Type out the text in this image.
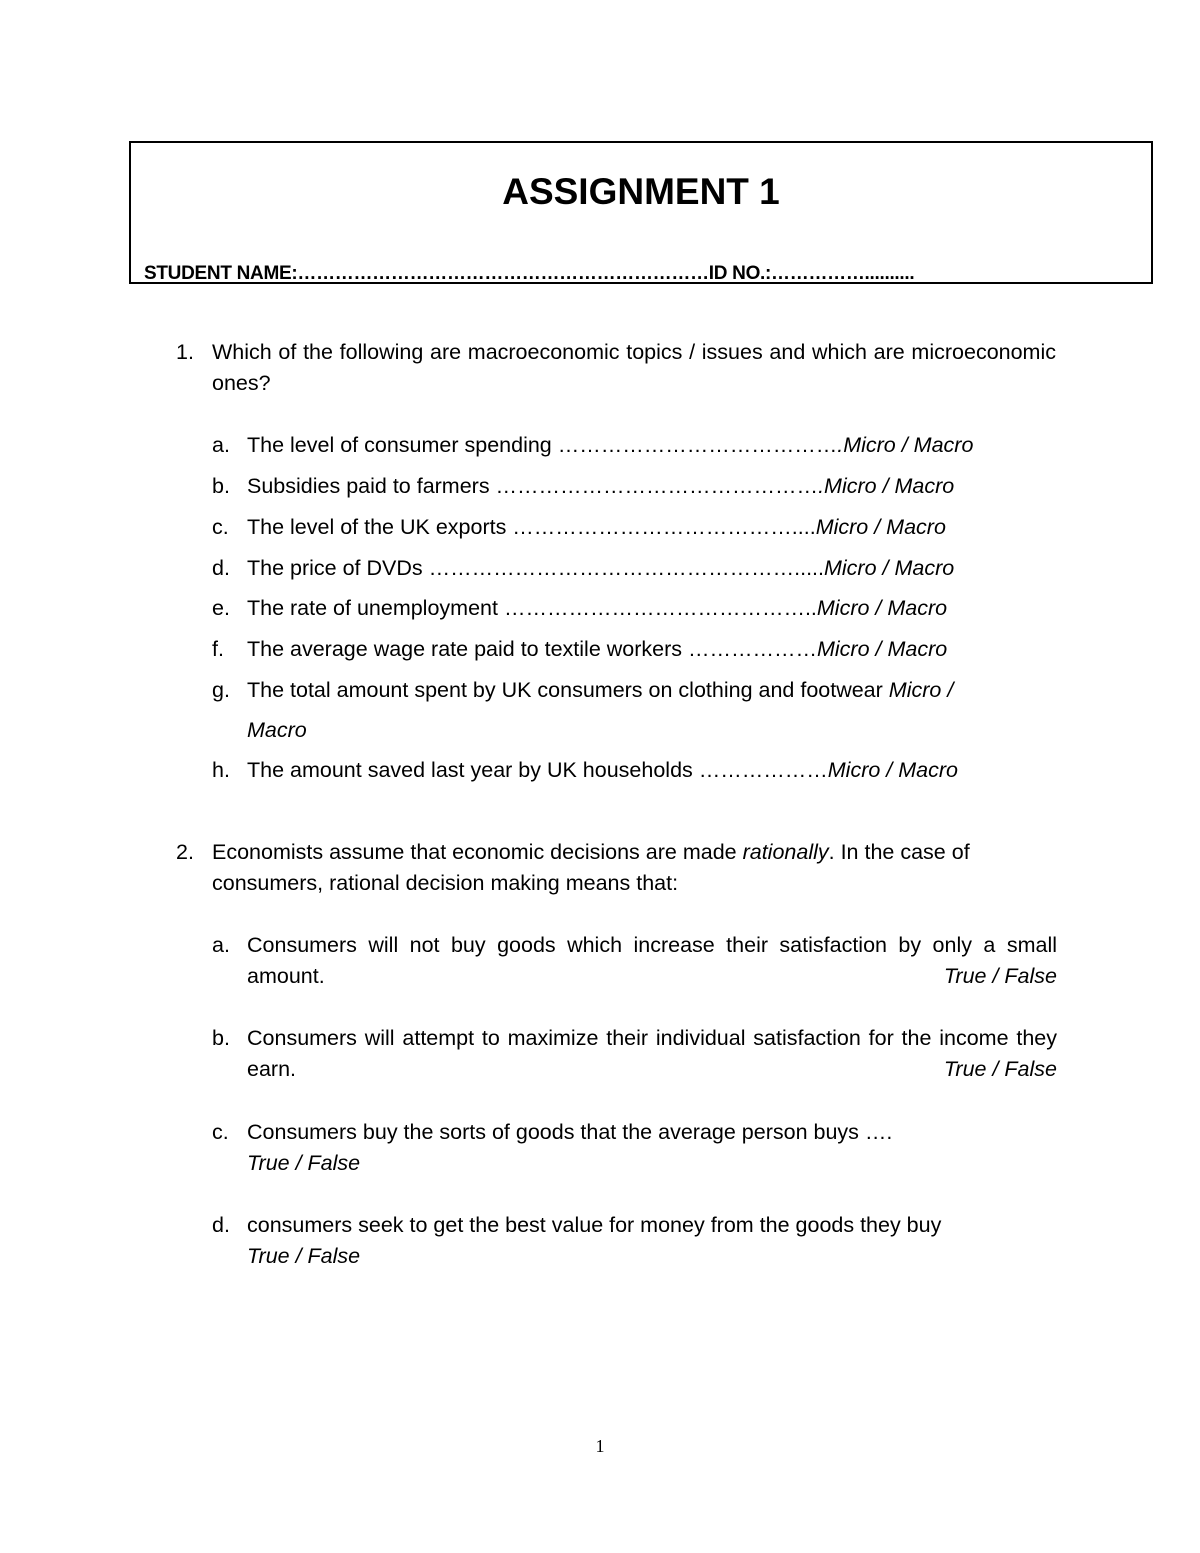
ASSIGNMENT 1
STUDENT NAME:…………………………………………………………ID NO.:……………..........
1. Which of the following are macroeconomic topics / issues and which are microeconomic ones?
a. The level of consumer spending ………………………………….Micro / Macro
b. Subsidies paid to farmers ……………………………………….Micro / Macro
c. The level of the UK exports …………………………………....Micro / Macro
d. The price of DVDs …………………………………………….....Micro / Macro
e. The rate of unemployment ……………………………………..Micro / Macro
f. The average wage rate paid to textile workers ………………Micro / Macro
g. The total amount spent by UK consumers on clothing and footwear Micro /
Macro
h. The amount saved last year by UK households ………………Micro / Macro
2. Economists assume that economic decisions are made rationally. In the case of consumers, rational decision making means that:
a. Consumers will not buy goods which increase their satisfaction by only a small amount.	True / False
b. Consumers will attempt to maximize their individual satisfaction for the income they earn.	True / False
c. Consumers buy the sorts of goods that the average person buys ….
True / False
d. consumers seek to get the best value for money from the goods they buy
True / False
1
